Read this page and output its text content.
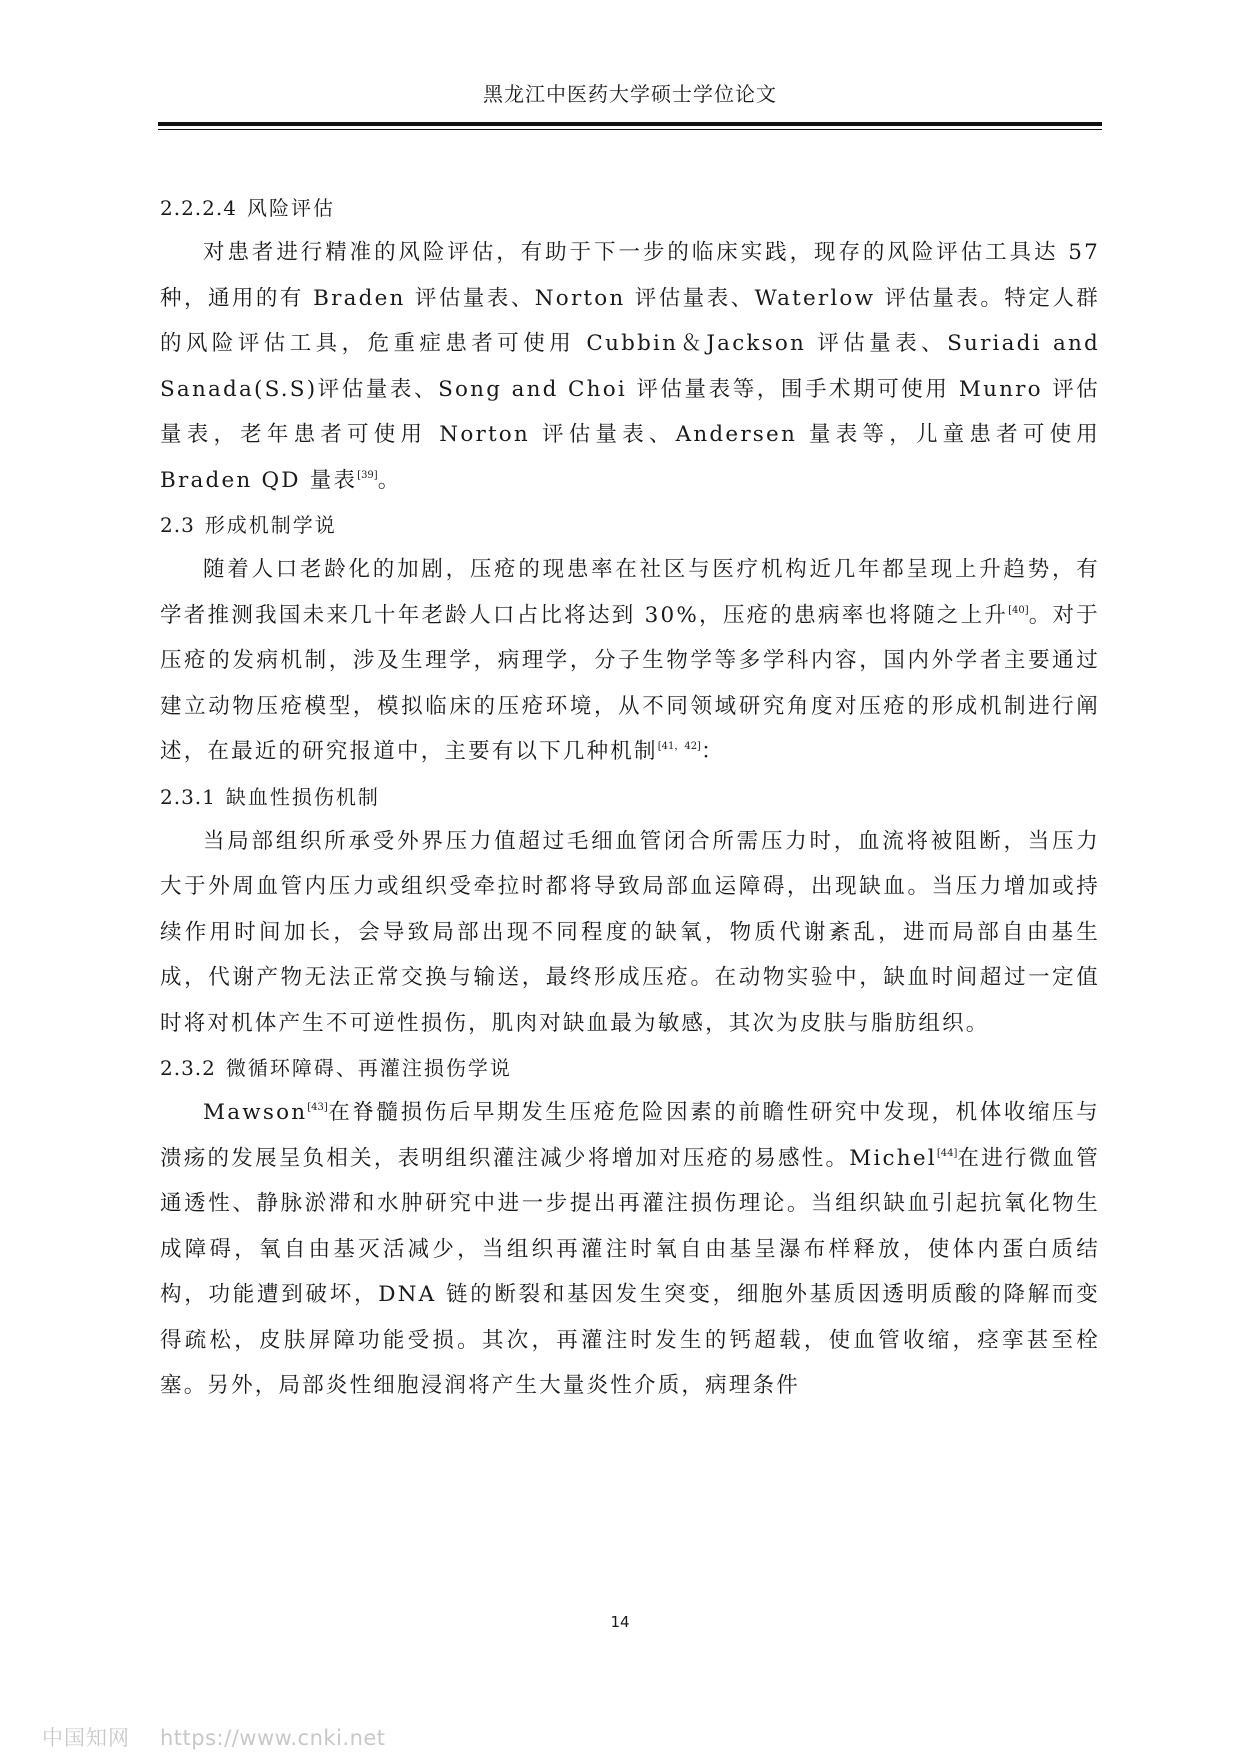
黑龙江中医药大学硕士学位论文
2.2.2.4 风险评估

对患者进行精准的风险评估，有助于下一步的临床实践，现存的风险评估工具达 57 种，通用的有 Braden 评估量表、Norton 评估量表、Waterlow 评估量表。特定人群的风险评估工具，危重症患者可使用 Cubbin＆Jackson 评估量表、Suriadi and Sanada(S.S)评估量表、Song and Choi 评估量表等，围手术期可使用 Munro 评估量表，老年患者可使用 Norton 评估量表、Andersen 量表等，儿童患者可使用 Braden QD 量表[39]。

2.3 形成机制学说

随着人口老龄化的加剧，压疮的现患率在社区与医疗机构近几年都呈现上升趋势，有学者推测我国未来几十年老龄人口占比将达到 30%，压疮的患病率也将随之上升[40]。对于压疮的发病机制，涉及生理学，病理学，分子生物学等多学科内容，国内外学者主要通过建立动物压疮模型，模拟临床的压疮环境，从不同领域研究角度对压疮的形成机制进行阐述，在最近的研究报道中，主要有以下几种机制[41，42]：

2.3.1 缺血性损伤机制

当局部组织所承受外界压力值超过毛细血管闭合所需压力时，血流将被阻断，当压力大于外周血管内压力或组织受牵拉时都将导致局部血运障碍，出现缺血。当压力增加或持续作用时间加长，会导致局部出现不同程度的缺氧，物质代谢紊乱，进而局部自由基生成，代谢产物无法正常交换与输送，最终形成压疮。在动物实验中，缺血时间超过一定值时将对机体产生不可逆性损伤，肌肉对缺血最为敏感，其次为皮肤与脂肪组织。

2.3.2 微循环障碍、再灌注损伤学说

Mawson[43]在脊髓损伤后早期发生压疮危险因素的前瞻性研究中发现，机体收缩压与溃疡的发展呈负相关，表明组织灌注减少将增加对压疮的易感性。Michel[44]在进行微血管通透性、静脉淤滞和水肿研究中进一步提出再灌注损伤理论。当组织缺血引起抗氧化物生成障碍，氧自由基灭活减少，当组织再灌注时氧自由基呈瀑布样释放，使体内蛋白质结构，功能遭到破坏，DNA 链的断裂和基因发生突变，细胞外基质因透明质酸的降解而变得疏松，皮肤屏障功能受损。其次，再灌注时发生的钙超载，使血管收缩，痉挛甚至栓塞。另外，局部炎性细胞浸润将产生大量炎性介质，病理条件

14
中国知网 https://www.cnki.net
